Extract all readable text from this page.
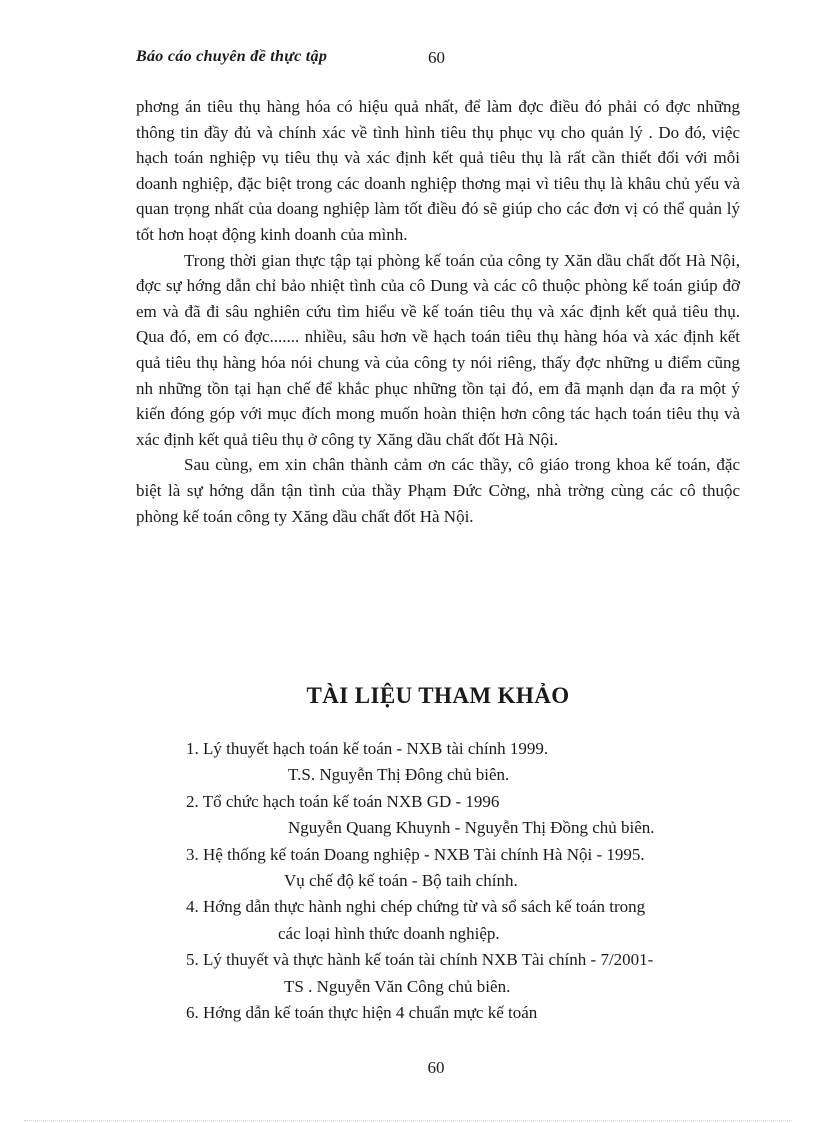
Báo cáo chuyên đề thực tập	60

phơng án tiêu thụ hàng hóa có hiệu quả nhất, để làm đợc điều đó phải có đợc những thông tin đầy đủ và chính xác về tình hình tiêu thụ phục vụ cho quản lý . Do đó, việc hạch toán nghiệp vụ tiêu thụ và xác định kết quả tiêu thụ là rất cần thiết đối với mỗi doanh nghiệp, đặc biệt trong các doanh nghiệp thơng mại vì tiêu thụ là khâu chủ yếu và quan trọng nhất của doang nghiệp làm tốt điều đó sẽ giúp cho các đơn vị có thể quản lý tốt hơn hoạt động kinh doanh của mình.

Trong thời gian thực tập tại phòng kế toán của công ty Xăn dầu chất đốt Hà Nội, đợc sự hớng dẫn chỉ bảo nhiệt tình của cô Dung và các cô thuộc phòng kế toán giúp đỡ em và đã đi sâu nghiên cứu tìm hiểu về kế toán tiêu thụ và xác định kết quả tiêu thụ. Qua đó, em có đợc....... nhiều, sâu hơn về hạch toán tiêu thụ hàng hóa và xác định kết quả tiêu thụ hàng hóa nói chung và của công ty nói riêng, thấy đợc những u điểm cũng nh những tồn tại hạn chế để khắc phục những tồn tại đó, em đã mạnh dạn đa ra một ý kiến đóng góp với mục đích mong muốn hoàn thiện hơn công tác hạch toán tiêu thụ và xác định kết quả tiêu thụ ở công ty Xăng dầu chất đốt Hà Nội.

Sau cùng, em xin chân thành cảm ơn các thầy, cô giáo trong khoa kế toán, đặc biệt là sự hớng dẫn tận tình của thầy Phạm Đức Cờng, nhà trờng cùng các cô thuộc phòng kế toán công ty Xăng dầu chất đốt Hà Nội.

TÀI LIỆU THAM KHẢO
1. Lý thuyết hạch toán kế toán - NXB tài chính 1999.
T.S. Nguyễn Thị Đông chủ biên.
2. Tổ chức hạch toán kế toán NXB GD - 1996
Nguyễn Quang Khuynh - Nguyễn Thị Đồng chủ biên.
3. Hệ thống kế toán Doang nghiệp - NXB Tài chính Hà Nội - 1995.
Vụ chế độ kế toán - Bộ taih chính.
4. Hớng dẫn thực hành nghi chép chứng từ và sổ sách kế toán trong
các loại hình thức doanh nghiệp.
5. Lý thuyết và thực hành kế toán tài chính NXB Tài chính - 7/2001-
TS . Nguyễn Văn Công chủ biên.
6. Hớng dẫn kế toán thực hiện 4 chuẩn mực kế toán
60
